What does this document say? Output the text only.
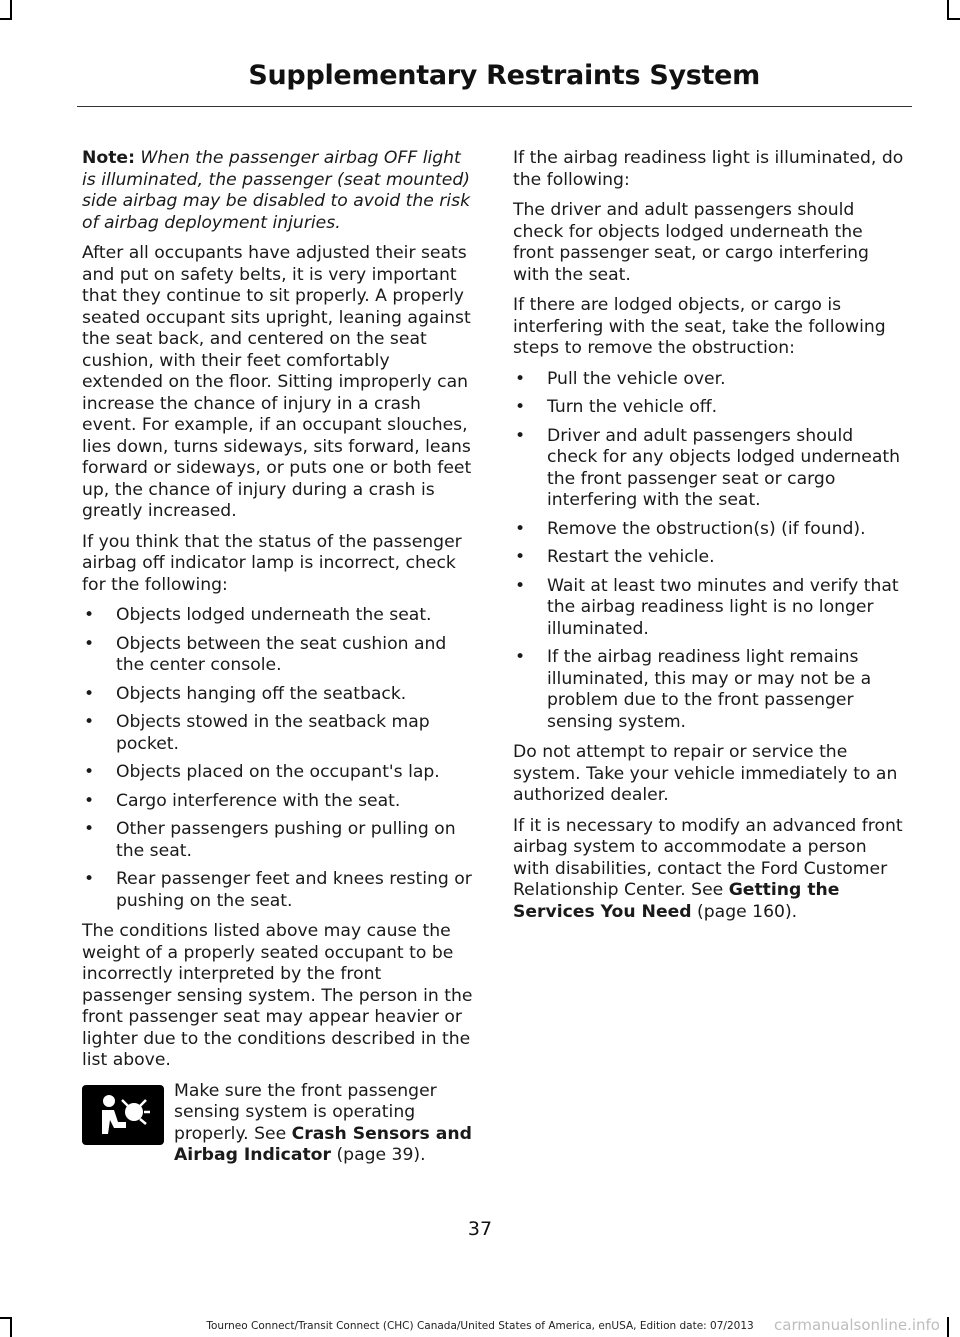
Supplementary Restraints System

Note: When the passenger airbag OFF light is illuminated, the passenger (seat mounted) side airbag may be disabled to avoid the risk of airbag deployment injuries.

After all occupants have adjusted their seats and put on safety belts, it is very important that they continue to sit properly. A properly seated occupant sits upright, leaning against the seat back, and centered on the seat cushion, with their feet comfortably extended on the floor. Sitting improperly can increase the chance of injury in a crash event. For example, if an occupant slouches, lies down, turns sideways, sits forward, leans forward or sideways, or puts one or both feet up, the chance of injury during a crash is greatly increased.

If you think that the status of the passenger airbag off indicator lamp is incorrect, check for the following:

• Objects lodged underneath the seat.
• Objects between the seat cushion and the center console.
• Objects hanging off the seatback.
• Objects stowed in the seatback map pocket.
• Objects placed on the occupant's lap.
• Cargo interference with the seat.
• Other passengers pushing or pulling on the seat.
• Rear passenger feet and knees resting or pushing on the seat.

The conditions listed above may cause the weight of a properly seated occupant to be incorrectly interpreted by the front passenger sensing system. The person in the front passenger seat may appear heavier or lighter due to the conditions described in the list above.

Make sure the front passenger sensing system is operating properly. See Crash Sensors and Airbag Indicator (page 39).

If the airbag readiness light is illuminated, do the following:

The driver and adult passengers should check for objects lodged underneath the front passenger seat, or cargo interfering with the seat.

If there are lodged objects, or cargo is interfering with the seat, take the following steps to remove the obstruction:

• Pull the vehicle over.
• Turn the vehicle off.
• Driver and adult passengers should check for any objects lodged underneath the front passenger seat or cargo interfering with the seat.
• Remove the obstruction(s) (if found).
• Restart the vehicle.
• Wait at least two minutes and verify that the airbag readiness light is no longer illuminated.
• If the airbag readiness light remains illuminated, this may or may not be a problem due to the front passenger sensing system.

Do not attempt to repair or service the system. Take your vehicle immediately to an authorized dealer.

If it is necessary to modify an advanced front airbag system to accommodate a person with disabilities, contact the Ford Customer Relationship Center. See Getting the Services You Need (page 160).

37
Tourneo Connect/Transit Connect (CHC) Canada/United States of America, enUSA, Edition date: 07/2013	carmanualsonline.info
